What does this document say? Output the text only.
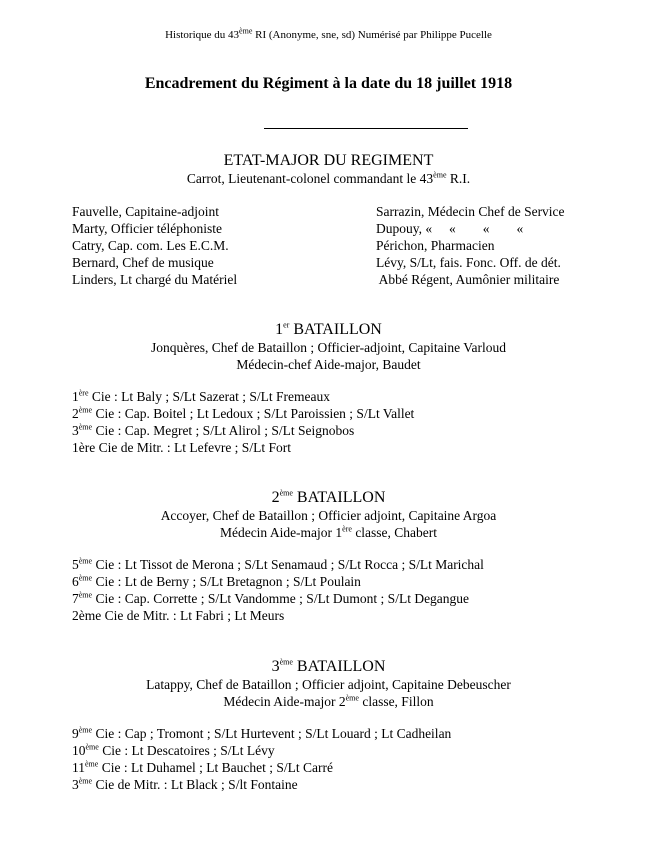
Historique du 43ème RI (Anonyme, sne, sd) Numérisé par Philippe Pucelle
Encadrement du Régiment à la date du 18 juillet 1918
ETAT-MAJOR DU REGIMENT
Carrot, Lieutenant-colonel commandant le 43ème R.I.
Fauvelle, Capitaine-adjoint
Marty, Officier téléphoniste
Catry, Cap. com. Les E.C.M.
Bernard, Chef de musique
Linders, Lt chargé du Matériel
Sarrazin, Médecin Chef de Service
Dupouy, «     «        «        «
Périchon, Pharmacien
Lévy, S/Lt, fais. Fonc. Off. de dét.
Abbé Régent, Aumônier militaire
1er BATAILLON
Jonquères, Chef de Bataillon ; Officier-adjoint, Capitaine Varloud
Médecin-chef Aide-major, Baudet
1ère Cie : Lt Baly ; S/Lt Sazerat ; S/Lt Fremeaux
2ème Cie : Cap. Boitel ; Lt Ledoux ; S/Lt Paroissien ; S/Lt Vallet
3ème Cie : Cap. Megret ; S/Lt Alirol ; S/Lt Seignobos
1ère Cie de Mitr. : Lt Lefevre ; S/Lt Fort
2ème BATAILLON
Accoyer, Chef de Bataillon ; Officier adjoint, Capitaine Argoa
Médecin Aide-major 1ère classe, Chabert
5ème Cie : Lt Tissot de Merona ; S/Lt Senamaud ; S/Lt Rocca ; S/Lt Marichal
6ème Cie : Lt de Berny ; S/Lt Bretagnon ; S/Lt Poulain
7ème Cie : Cap. Corrette ; S/Lt Vandomme ; S/Lt Dumont ; S/Lt Degangue
2ème Cie de Mitr. : Lt Fabri ; Lt Meurs
3ème BATAILLON
Latappy, Chef de Bataillon ; Officier adjoint, Capitaine Debeuscher
Médecin Aide-major 2ème classe, Fillon
9ème Cie : Cap ; Tromont ; S/Lt Hurtevent ; S/Lt Louard ; Lt Cadheilan
10ème Cie : Lt Descatoires ; S/Lt Lévy
11ème Cie : Lt Duhamel ; Lt Bauchet ; S/Lt Carré
3ème Cie de Mitr. : Lt Black ; S/lt Fontaine
